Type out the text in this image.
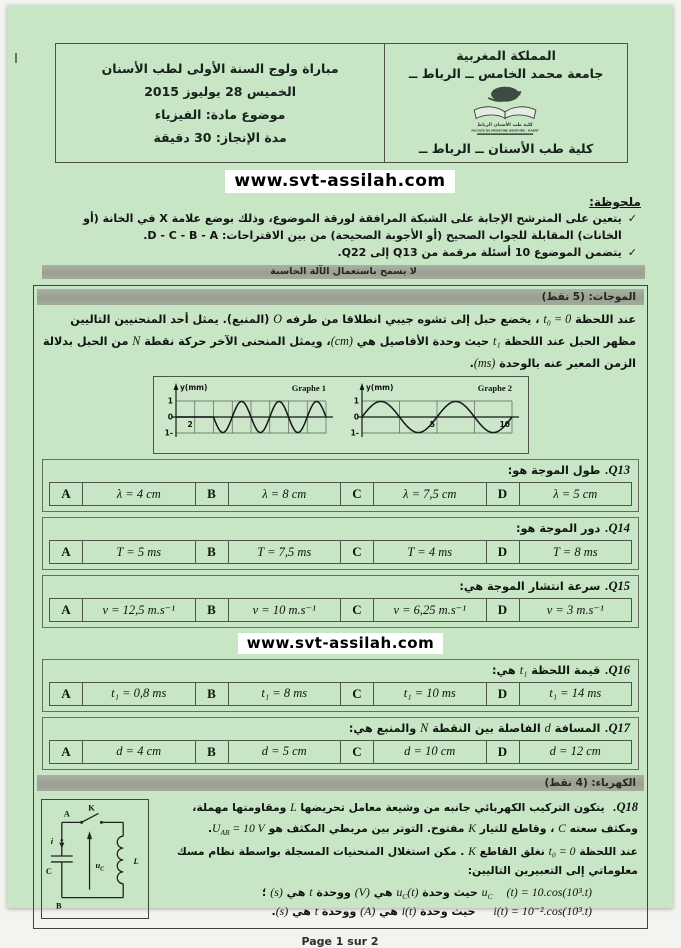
المملكة المغربية
جامعة محمد الخامس ــ الرباط ــ
كلية طب الأسنان الرباط
FACULTE DE MEDECINE DENTAIRE - RABAT
كلية طب الأسنان ــ الرباط ــ
مباراة ولوج السنة الأولى لطب الأسنان
الخميس 28 يوليوز 2015
موضوع مادة: الفيزياء
مدة الإنجاز: 30 دقيقة
www.svt-assilah.com
ملحوظة:
✓
يتعين على المترشح الإجابة على الشبكة المرافقة لورقة الموضوع، وذلك بوضع علامة X في الخانة (أو الخانات) المقابلة للجواب الصحيح (أو الأجوبة الصحيحة) من بين الاقتراحات: D - C - B - A.
✓
يتضمن الموضوع 10 أسئلة مرقمة من Q13 إلى Q22.
لا يسمح باستعمال الآلة الحاسبة
الموجات: (5 نقط)

عند اللحظة t₀ = 0 ، يخضع حبل إلى تشوه جيبي انطلاقا من طرفه O (المنبع). يمثل أحد المنحنيين التاليين مظهر الحبل عند اللحظة t₁ حيث وحدة الأفاصيل هي (cm)، ويمثل المنحنى الآخر حركة نقطة N من الحبل بدلالة الزمن المعبر عنه بالوحدة (ms).

y(mm)	Graphe 1
1
0
1-
2
y(mm)	Graphe 2
1
0
1-
5	10
Q13.طول الموجة هو:
A	λ = 4 cm	B	λ = 8 cm	C	λ = 7,5 cm	D	λ = 5 cm
Q14.دور الموجة هو:
A	T = 5 ms	B	T = 7,5 ms	C	T = 4 ms	D	T = 8 ms
Q15.سرعة انتشار الموجة هي:
A	v = 12,5 m.s⁻¹	B	v = 10 m.s⁻¹	C	v = 6,25 m.s⁻¹	D	v = 3 m.s⁻¹
www.svt-assilah.com
Q16.قيمة اللحظة t₁ هي:
A	t₁ = 0,8 ms	B	t₁ = 8 ms	C	t₁ = 10 ms	D	t₁ = 14 ms
Q17.المسافة d الفاصلة بين النقطة N والمنبع هي:
A	d = 4 cm	B	d = 5 cm	C	d = 10 cm	D	d = 12 cm
الكهرباء: (4 نقط)
A
K
i
C
L
B
$u_C$

Q18. يتكون التركيب الكهربائي جانبه من وشيعة معامل تحريضها L ومقاومتها مهملة، ومكثف سعته C ، وقاطع للتيار K مفتوح. التوتر بين مربطي المكثف هو $U_{AB} = 10$ V.

عند اللحظة t₀ = 0 نغلق القاطع K . مكن استغلال المنحنيات المسجلة بواسطة نظام مسك معلوماتي إلى التعبيرين التاليين:

$u_C$ (t) = 10.cos(10³.t) حيث وحدة $u_C(t)$ هي (V) ووحدة t هي (s) ؛
i(t) = 10⁻².cos(10³.t) حيث وحدة i(t) هي (A) ووحدة t هي (s).
Page 1 sur 2
